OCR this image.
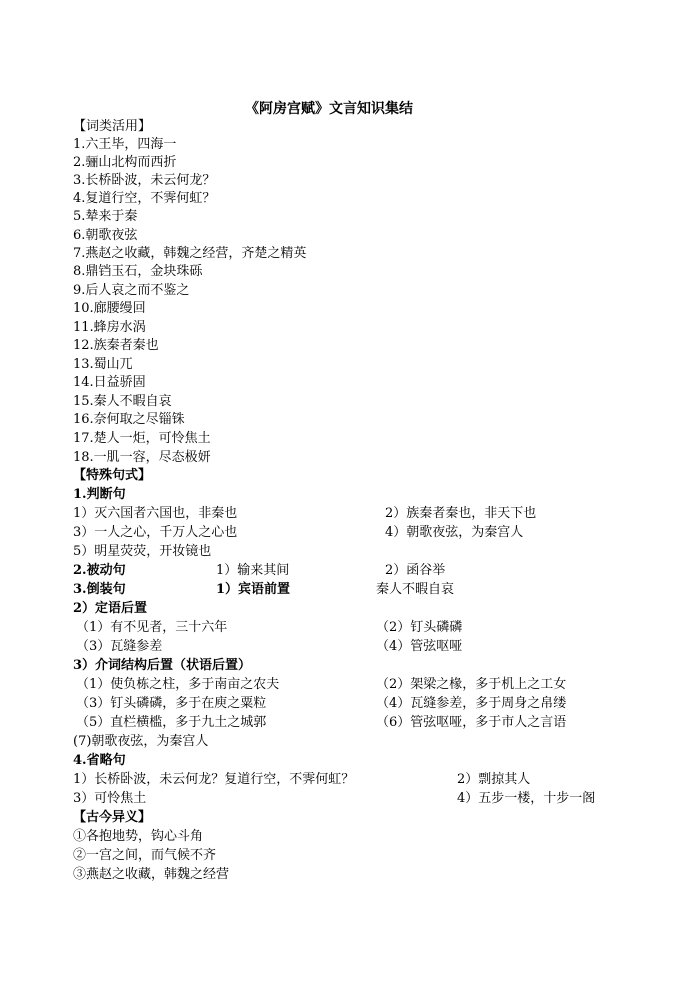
《阿房宫赋》文言知识集结
【词类活用】
1.六王毕，四海一
2.骊山北构而西折
3.长桥卧波，未云何龙？
4.复道行空，不霁何虹？
5.辇来于秦
6.朝歌夜弦
7.燕赵之收藏，韩魏之经营，齐楚之精英
8.鼎铛玉石，金块珠砾
9.后人哀之而不鉴之
10.廊腰缦回
11.蜂房水涡
12.族秦者秦也
13.蜀山兀
14.日益骄固
15.秦人不暇自哀
16.奈何取之尽锱铢
17.楚人一炬，可怜焦土
18.一肌一容，尽态极妍
【特殊句式】
1.判断句
1）灭六国者六国也，非秦也	2）族秦者秦也，非天下也
3）一人之心，千万人之心也	4）朝歌夜弦，为秦宫人
5）明星荧荧，开妆镜也
2.被动句	1）输来其间	2）函谷举
3.倒装句	1）宾语前置	秦人不暇自哀
2）定语后置
（1）有不见者，三十六年	（2）钉头磷磷
（3）瓦缝参差	（4）管弦呕哑
3）介词结构后置（状语后置）
（1）使负栋之柱，多于南亩之农夫	（2）架梁之椽，多于机上之工女
（3）钉头磷磷，多于在庾之粟粒	（4）瓦缝参差，多于周身之帛缕
（5）直栏横槛，多于九土之城郭	（6）管弦呕哑，多于市人之言语
(7)朝歌夜弦，为秦宫人
4.省略句
1）长桥卧波，未云何龙？复道行空，不霁何虹？	2）剽掠其人
3）可怜焦土	4）五步一楼，十步一阁
【古今异义】
①各抱地势，钩心斗角
②一宫之间，而气候不齐
③燕赵之收藏，韩魏之经营
